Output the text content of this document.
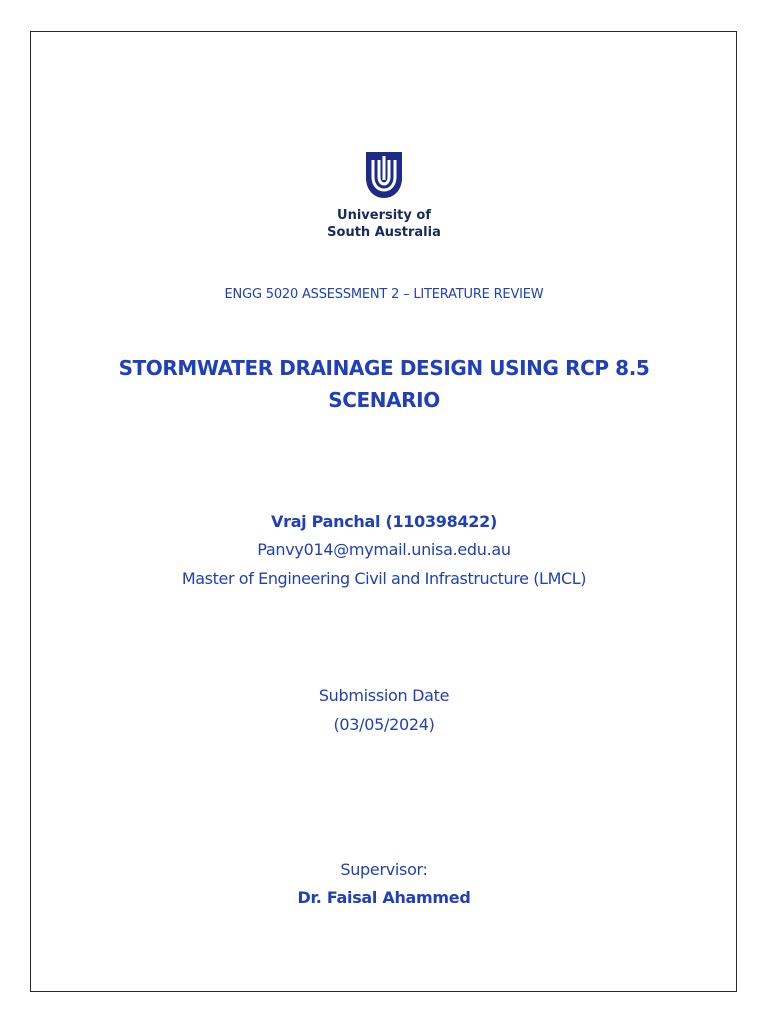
University of
South Australia
ENGG 5020 ASSESSMENT 2 – LITERATURE REVIEW
STORMWATER DRAINAGE DESIGN USING RCP 8.5
SCENARIO
Vraj Panchal (110398422)
Panvy014@mymail.unisa.edu.au
Master of Engineering Civil and Infrastructure (LMCL)
Submission Date
(03/05/2024)
Supervisor:
Dr. Faisal Ahammed
